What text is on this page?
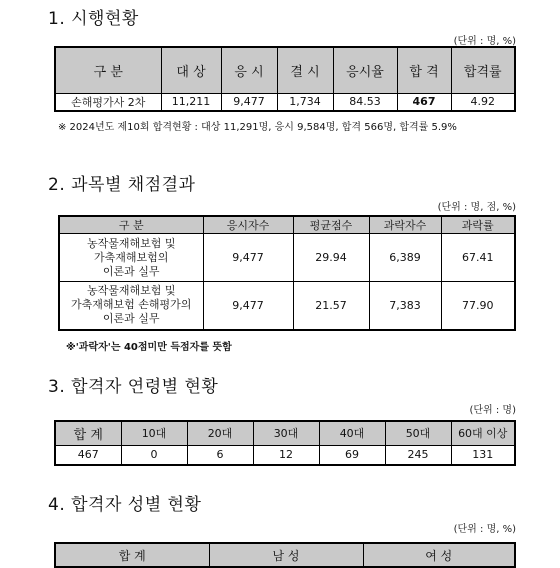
1. 시행현황
(단위 : 명, %)
구 분	대 상	응 시	결 시	응시율	합 격	합격률
손해평가사 2차	11,211	9,477	1,734	84.53	467	4.92
※ 2024년도 제10회 합격현황 : 대상 11,291명, 응시 9,584명, 합격 566명, 합격률 5.9%
2. 과목별 채점결과
(단위 : 명, 점, %)
구 분	응시자수	평균점수	과락자수	과락률

농작물재해보험 및
가축재해보험의
이론과 실무	9,477	29.94	6,389	67.41

농작물재해보험 및
가축재해보험 손해평가의
이론과 실무	9,477	21.57	7,383	77.90
※'과락자'는 40점미만 득점자를 뜻함
3. 합격자 연령별 현황
(단위 : 명)
합 계	10대	20대	30대	40대	50대	60대 이상
467	0	6	12	69	245	131
4. 합격자 성별 현황
(단위 : 명, %)
합 계	남 성	여 성
